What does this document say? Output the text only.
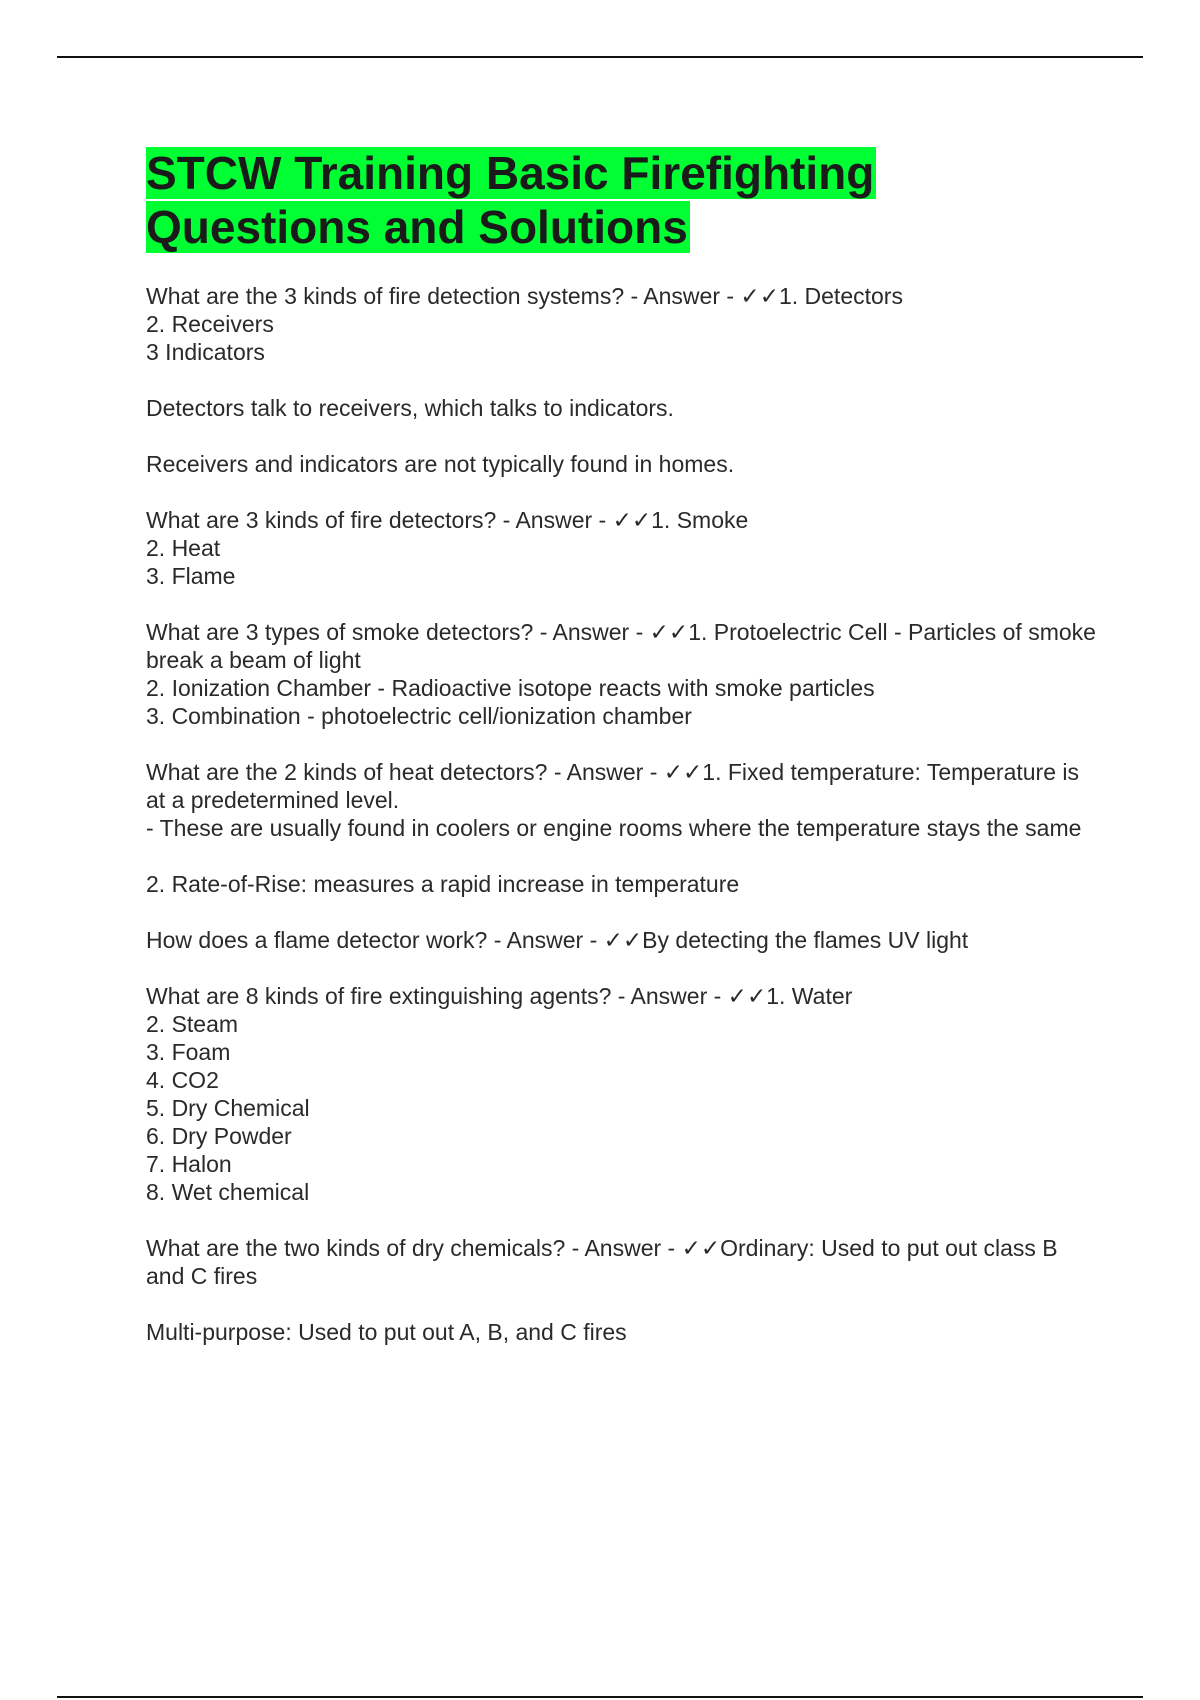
STCW Training Basic Firefighting
Questions and Solutions

What are the 3 kinds of fire detection systems? - Answer - ✓✓1. Detectors
2. Receivers
3 Indicators

Detectors talk to receivers, which talks to indicators.

Receivers and indicators are not typically found in homes.

What are 3 kinds of fire detectors? - Answer - ✓✓1. Smoke
2. Heat
3. Flame

What are 3 types of smoke detectors? - Answer - ✓✓1. Protoelectric Cell - Particles of smoke break a beam of light
2. Ionization Chamber - Radioactive isotope reacts with smoke particles
3. Combination - photoelectric cell/ionization chamber

What are the 2 kinds of heat detectors? - Answer - ✓✓1. Fixed temperature: Temperature is at a predetermined level.
- These are usually found in coolers or engine rooms where the temperature stays the same

2. Rate-of-Rise: measures a rapid increase in temperature

How does a flame detector work? - Answer - ✓✓By detecting the flames UV light

What are 8 kinds of fire extinguishing agents? - Answer - ✓✓1. Water
2. Steam
3. Foam
4. CO2
5. Dry Chemical
6. Dry Powder
7. Halon
8. Wet chemical

What are the two kinds of dry chemicals? - Answer - ✓✓Ordinary: Used to put out class B and C fires

Multi-purpose: Used to put out A, B, and C fires
